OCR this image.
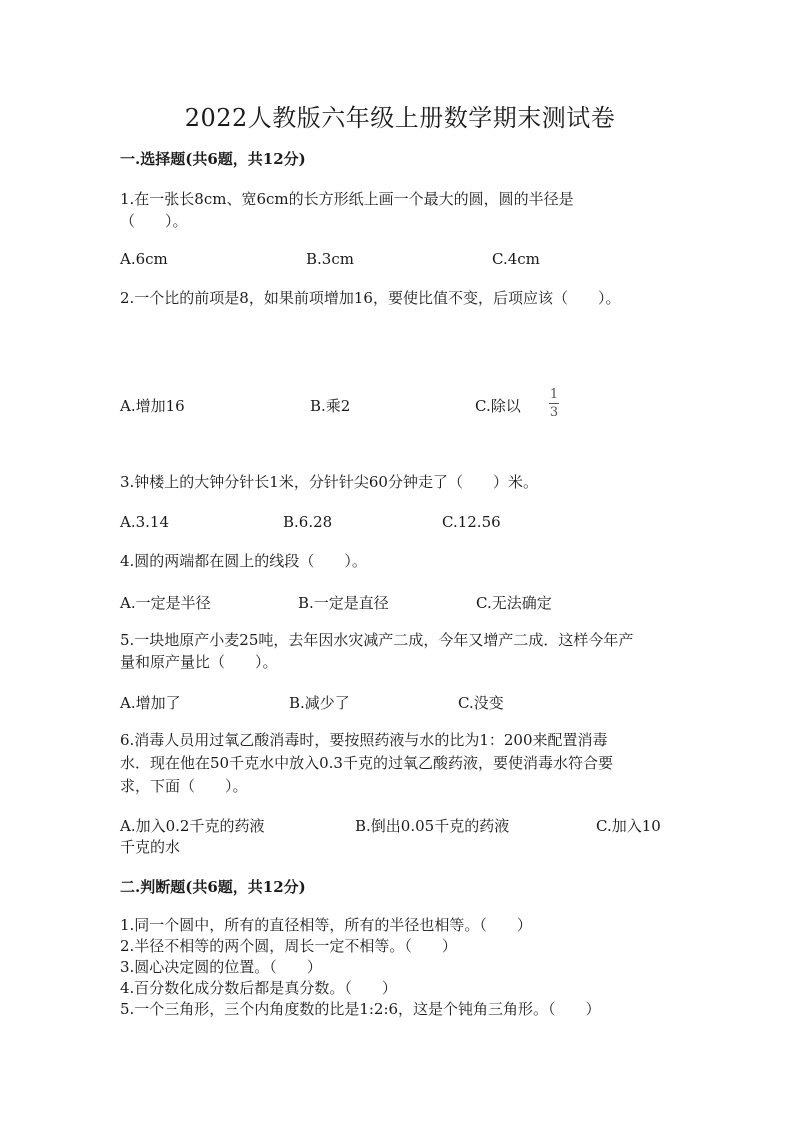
2022人教版六年级上册数学期末测试卷
一.选择题(共6题，共12分)
1.在一张长8cm、宽6cm的长方形纸上画一个最大的圆，圆的半径是
（　　）。
A.6cm	B.3cm	C.4cm
2.一个比的前项是8，如果前项增加16，要使比值不变，后项应该（　　）。
A.增加16	B.乘2	C.除以
1
3
3.钟楼上的大钟分针长1米，分针针尖60分钟走了（　　）米。
A.3.14	B.6.28	C.12.56
4.圆的两端都在圆上的线段（　　）。
A.一定是半径	B.一定是直径	C.无法确定
5.一块地原产小麦25吨，去年因水灾减产二成，今年又增产二成．这样今年产
量和原产量比（　　）。
A.增加了	B.减少了	C.没变
6.消毒人员用过氧乙酸消毒时，要按照药液与水的比为1：200来配置消毒
水．现在他在50千克水中放入0.3千克的过氧乙酸药液，要使消毒水符合要
求，下面（　　）。
A.加入0.2千克的药液	B.倒出0.05千克的药液	C.加入10
千克的水
二.判断题(共6题，共12分)
1.同一个圆中，所有的直径相等，所有的半径也相等。（　　）
2.半径不相等的两个圆，周长一定不相等。（　　）
3.圆心决定圆的位置。（　　）
4.百分数化成分数后都是真分数。（　　）
5.一个三角形，三个内角度数的比是1:2:6，这是个钝角三角形。（　　）
